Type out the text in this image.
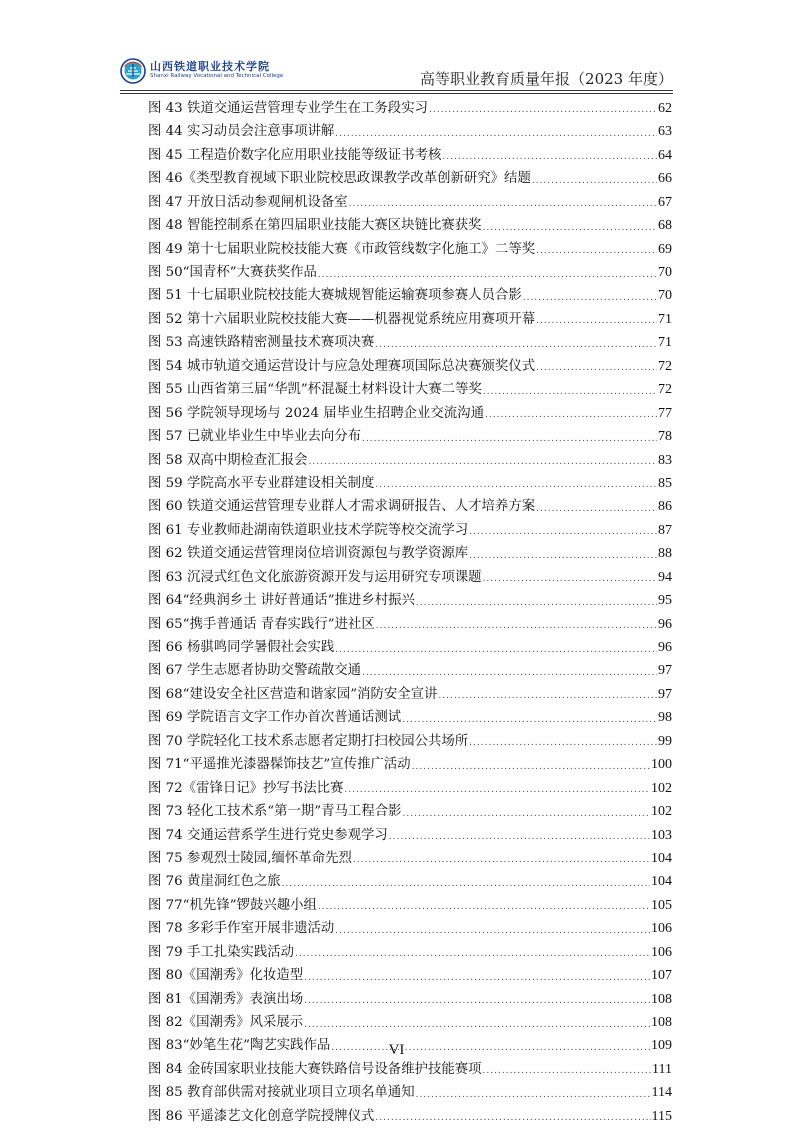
山西铁道职业技术学院
Shanxi Railway Vocational and Technical College	高等职业教育质量年报（2023 年度）
图 43 铁道交通运营管理专业学生在工务段实习 .....	62
图 44 实习动员会注意事项讲解 .....	63
图 45 工程造价数字化应用职业技能等级证书考核 .....	64
图 46《类型教育视域下职业院校思政课教学改革创新研究》结题 .....	66
图 47 开放日活动参观闸机设备室 .....	67
图 48 智能控制系在第四届职业技能大赛区块链比赛获奖 .....	68
图 49 第十七届职业院校技能大赛《市政管线数字化施工》二等奖 .....	69
图 50“国青杯”大赛获奖作品 .....	70
图 51 十七届职业院校技能大赛城规智能运输赛项参赛人员合影 .....	70
图 52 第十六届职业院校技能大赛——机器视觉系统应用赛项开幕 .....	71
图 53 高速铁路精密测量技术赛项决赛 .....	71
图 54 城市轨道交通运营设计与应急处理赛项国际总决赛颁奖仪式 .....	72
图 55 山西省第三届“华凯”杯混凝土材料设计大赛二等奖 .....	72
图 56 学院领导现场与 2024 届毕业生招聘企业交流沟通 .....	77
图 57 已就业毕业生中毕业去向分布 .....	78
图 58 双高中期检查汇报会 .....	83
图 59 学院高水平专业群建设相关制度 .....	85
图 60 铁道交通运营管理专业群人才需求调研报告、人才培养方案 .....	86
图 61 专业教师赴湖南铁道职业技术学院等校交流学习 .....	87
图 62 铁道交通运营管理岗位培训资源包与教学资源库 .....	88
图 63 沉浸式红色文化旅游资源开发与运用研究专项课题 .....	94
图 64“经典润乡土 讲好普通话”推进乡村振兴 .....	95
图 65“携手普通话 青春实践行”进社区 .....	96
图 66 杨骐鸣同学暑假社会实践 .....	96
图 67 学生志愿者协助交警疏散交通 .....	97
图 68“建设安全社区营造和谐家园”消防安全宣讲 .....	97
图 69 学院语言文字工作办首次普通话测试 .....	98
图 70 学院轻化工技术系志愿者定期打扫校园公共场所 .....	99
图 71“平遥推光漆器髹饰技艺”宣传推广活动 .....	100
图 72《雷锋日记》抄写书法比赛 .....	102
图 73 轻化工技术系“第一期”青马工程合影 .....	102
图 74 交通运营系学生进行党史参观学习 .....	103
图 75 参观烈士陵园,缅怀革命先烈 .....	104
图 76 黄崖洞红色之旅 .....	104
图 77“机先锋”锣鼓兴趣小组 .....	105
图 78 多彩手作室开展非遗活动 .....	106
图 79 手工扎染实践活动 .....	106
图 80《国潮秀》化妆造型 .....	107
图 81《国潮秀》表演出场 .....	108
图 82《国潮秀》风采展示 .....	108
图 83“妙笔生花”陶艺实践作品 .....	109
图 84 金砖国家职业技能大赛铁路信号设备维护技能赛项 .....	111
图 85 教育部供需对接就业项目立项名单通知 .....	114
图 86 平遥漆艺文化创意学院授牌仪式 .....	115
VI
